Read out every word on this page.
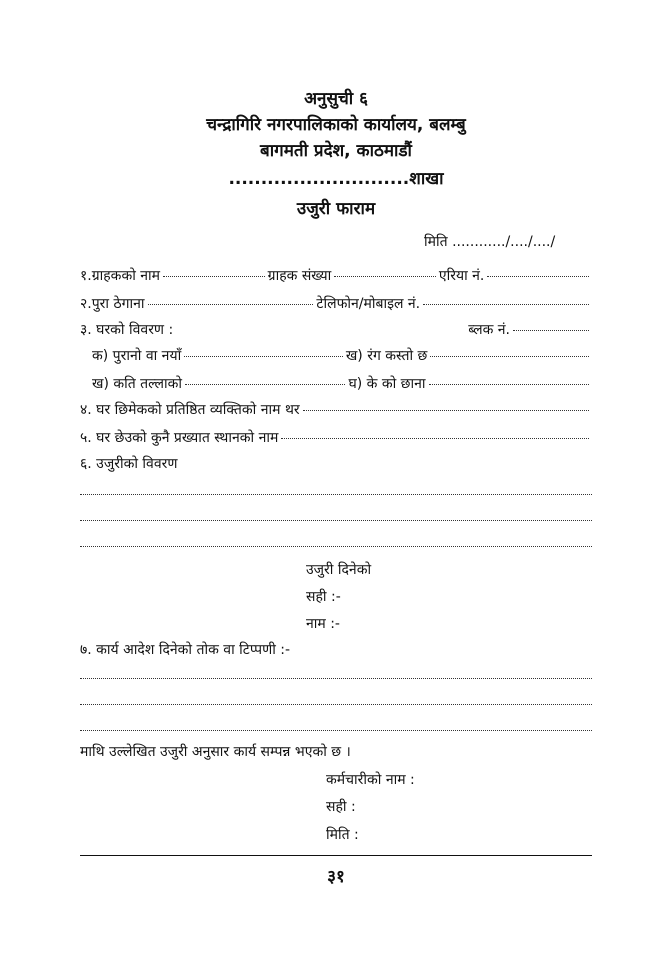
अनुसुची ६
चन्द्रागिरि नगरपालिकाको कार्यालय, बलम्बु
बागमती प्रदेश, काठमाडौं
............................शाखा
उजुरी फाराम
मिति ............/..../..../
१.ग्राहकको नाम	ग्राहक संख्या	एरिया नं.
२.पुरा ठेगाना	टेलिफोन/मोबाइल नं.
३. घरको विवरण :	ब्लक नं.
क) पुरानो वा नयाँ	ख) रंग कस्तो छ
ख) कति तल्लाको	घ) के को छाना
४. घर छिमेकको प्रतिष्ठित व्यक्तिको नाम थर
५. घर छेउको कुनै प्रख्यात स्थानको नाम
६. उजुरीको विवरण
उजुरी दिनेको
सही :-
नाम :-
७. कार्य आदेश दिनेको तोक वा टिप्पणी :-
माथि उल्लेखित उजुरी अनुसार कार्य सम्पन्न भएको छ ।
कर्मचारीको नाम :
सही :
मिति :
३१
